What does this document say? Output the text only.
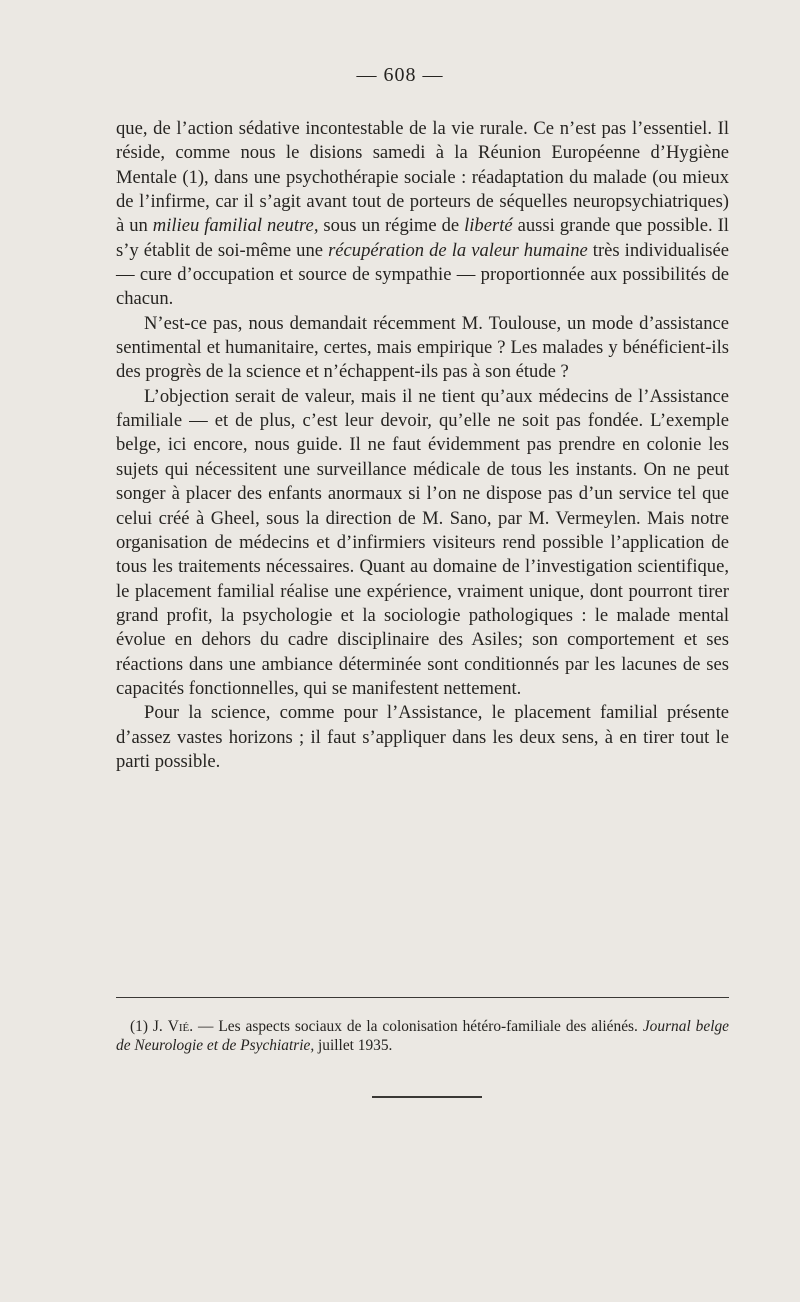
— 608 —

que, de l’action sédative incontestable de la vie rurale. Ce n’est pas l’essentiel. Il réside, comme nous le disions samedi à la Réunion Européenne d’Hygiène Mentale (1), dans une psychothérapie sociale : réadaptation du malade (ou mieux de l’infirme, car il s’agit avant tout de porteurs de séquelles neuropsychiatriques) à un milieu familial neutre, sous un régime de liberté aussi grande que possible. Il s’y établit de soi-même une récupération de la valeur humaine très individualisée — cure d’occupation et source de sympathie — proportionnée aux possibilités de chacun.

N’est-ce pas, nous demandait récemment M. Toulouse, un mode d’assistance sentimental et humanitaire, certes, mais empirique ? Les malades y bénéficient-ils des progrès de la science et n’échappent-ils pas à son étude ?

L’objection serait de valeur, mais il ne tient qu’aux médecins de l’Assistance familiale — et de plus, c’est leur devoir, qu’elle ne soit pas fondée. L’exemple belge, ici encore, nous guide. Il ne faut évidemment pas prendre en colonie les sujets qui nécessitent une surveillance médicale de tous les instants. On ne peut songer à placer des enfants anormaux si l’on ne dispose pas d’un service tel que celui créé à Gheel, sous la direction de M. Sano, par M. Vermeylen. Mais notre organisation de médecins et d’infirmiers visiteurs rend possible l’application de tous les traitements nécessaires. Quant au domaine de l’investigation scientifique, le placement familial réalise une expérience, vraiment unique, dont pourront tirer grand profit, la psychologie et la sociologie pathologiques : le malade mental évolue en dehors du cadre disciplinaire des Asiles; son comportement et ses réactions dans une ambiance déterminée sont conditionnés par les lacunes de ses capacités fonctionnelles, qui se manifestent nettement.

Pour la science, comme pour l’Assistance, le placement familial présente d’assez vastes horizons ; il faut s’appliquer dans les deux sens, à en tirer tout le parti possible.

(1) J. Vié. — Les aspects sociaux de la colonisation hétéro-familiale des aliénés. Journal belge de Neurologie et de Psychiatrie, juillet 1935.
